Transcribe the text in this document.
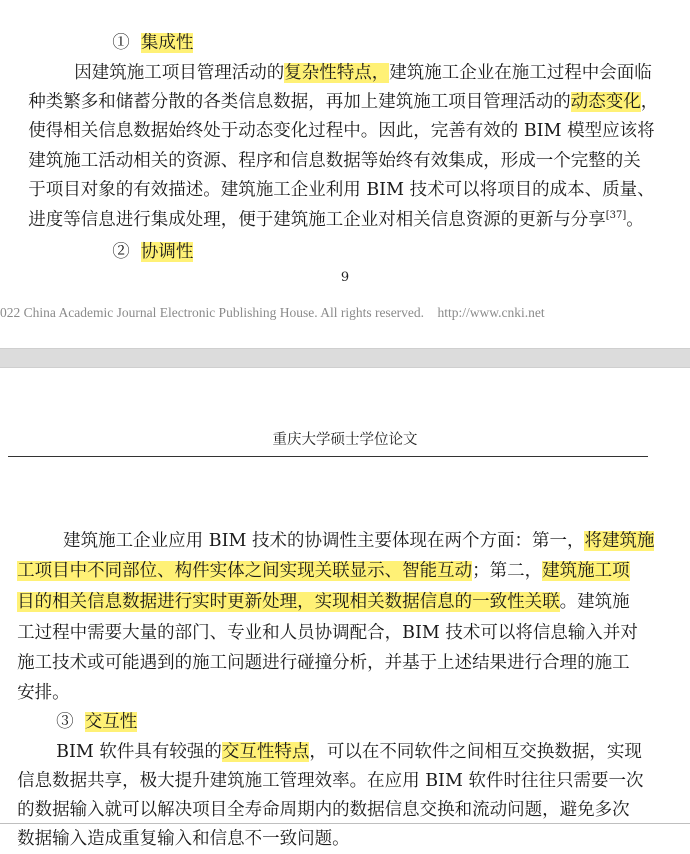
①  集成性

因建筑施工项目管理活动的复杂性特点，建筑施工企业在施工过程中会面临

种类繁多和储蓄分散的各类信息数据，再加上建筑施工项目管理活动的动态变化，

使得相关信息数据始终处于动态变化过程中。因此，完善有效的 BIM 模型应该将

建筑施工活动相关的资源、程序和信息数据等始终有效集成，形成一个完整的关

于项目对象的有效描述。建筑施工企业利用 BIM 技术可以将项目的成本、质量、

进度等信息进行集成处理，便于建筑施工企业对相关信息资源的更新与分享[37]。

②  协调性

9
022 China Academic Journal Electronic Publishing House. All rights reserved.    http://www.cnki.net
重庆大学硕士学位论文

建筑施工企业应用 BIM 技术的协调性主要体现在两个方面：第一，将建筑施

工项目中不同部位、构件实体之间实现关联显示、智能互动；第二，建筑施工项

目的相关信息数据进行实时更新处理，实现相关数据信息的一致性关联。建筑施

工过程中需要大量的部门、专业和人员协调配合，BIM 技术可以将信息输入并对

施工技术或可能遇到的施工问题进行碰撞分析，并基于上述结果进行合理的施工

安排。

③  交互性

BIM 软件具有较强的交互性特点，可以在不同软件之间相互交换数据，实现

信息数据共享，极大提升建筑施工管理效率。在应用 BIM 软件时往往只需要一次

的数据输入就可以解决项目全寿命周期内的数据信息交换和流动问题，避免多次

数据输入造成重复输入和信息不一致问题。
